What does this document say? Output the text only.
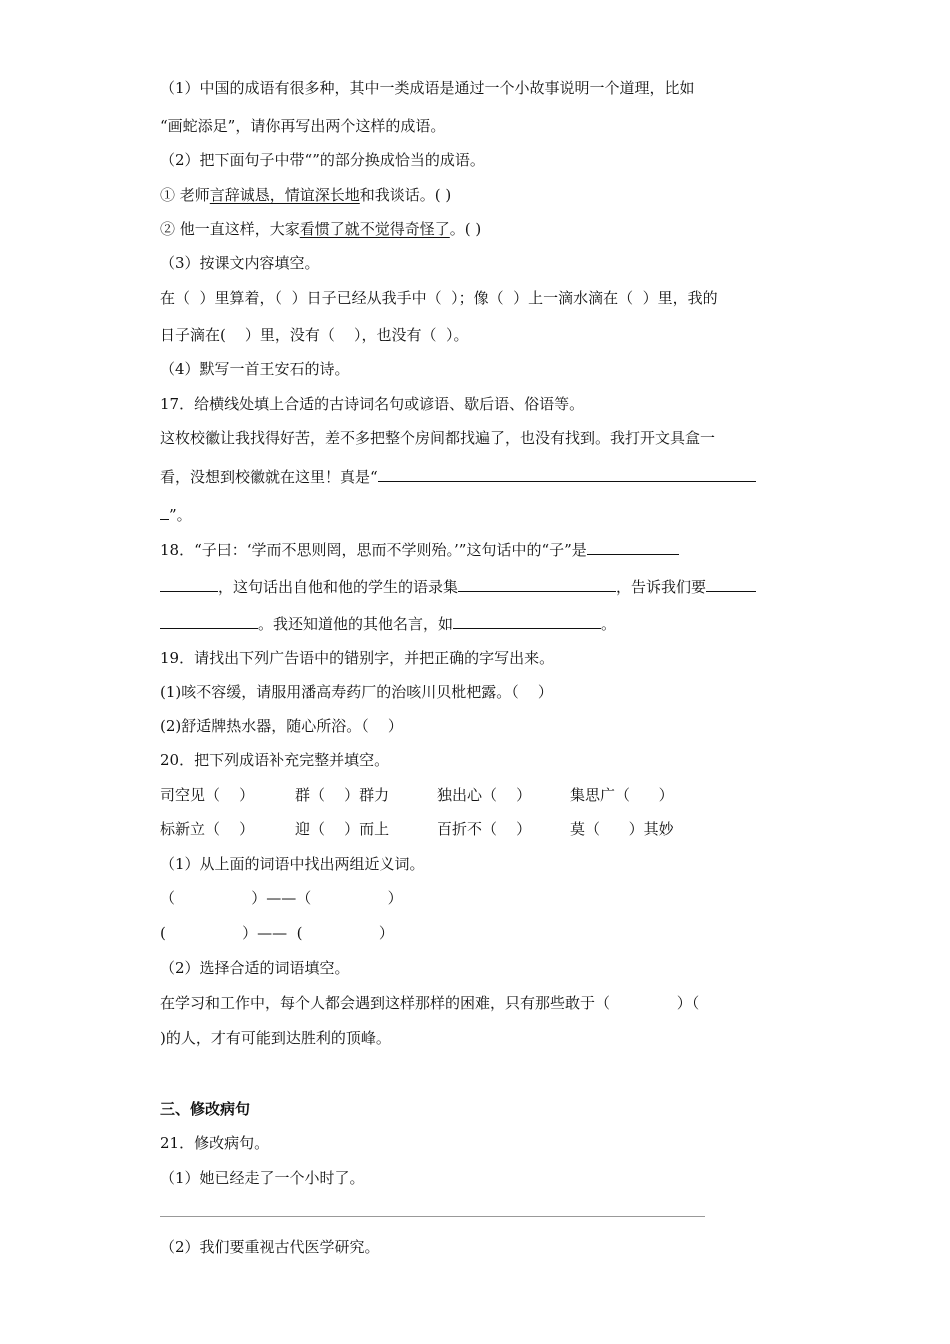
（1）中国的成语有很多种，其中一类成语是通过一个小故事说明一个道理，比如
“画蛇添足”，请你再写出两个这样的成语。
（2）把下面句子中带“”的部分换成恰当的成语。
① 老师言辞诚恳，情谊深长地和我谈话。( )
② 他一直这样，大家看惯了就不觉得奇怪了。( )
（3）按课文内容填空。
在（  ）里算着，（  ）日子已经从我手中（  ）；像（  ）上一滴水滴在（  ）里，我的
日子滴在(    ）里，没有（    ），也没有（  ）。
（4）默写一首王安石的诗。
17．给横线处填上合适的古诗词名句或谚语、歇后语、俗语等。
这枚校徽让我找得好苦，差不多把整个房间都找遍了，也没有找到。我打开文具盒一
看，没想到校徽就在这里！真是“
”。
18．“子曰：‘学而不思则罔，思而不学则殆。’”这句话中的“子”是
，这句话出自他和他的学生的语录集	，告诉我们要
。我还知道他的其他名言，如	。
19．请找出下列广告语中的错别字，并把正确的字写出来。
(1)咳不容缓，请服用潘高寿药厂的治咳川贝枇杷露。（    ）
(2)舒适牌热水器，随心所浴。（    ）
20．把下列成语补充完整并填空。
司空见（    ）	群（    ）群力	独出心（    ）	集思广（      ）
标新立（    ）	迎（    ）而上	百折不（    ）	莫（      ）其妙
（1）从上面的词语中找出两组近义词。
（                ）——（                ）
(                ）——  (                ）
（2）选择合适的词语填空。
在学习和工作中，每个人都会遇到这样那样的困难，只有那些敢于（              ）（
)的人，才有可能到达胜利的顶峰。
三、修改病句
21．修改病句。
（1）她已经走了一个小时了。
（2）我们要重视古代医学研究。
